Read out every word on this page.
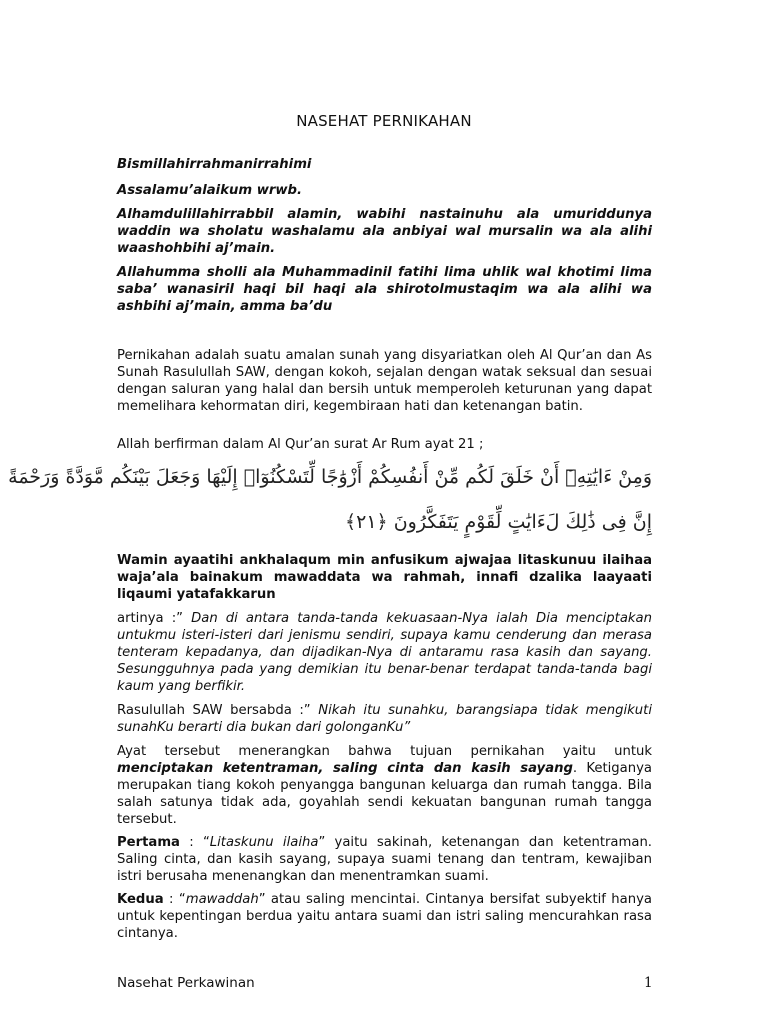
NASEHAT PERNIKAHAN
Bismillahirrahmanirrahimi
Assalamu’alaikum wrwb.
Alhamdulillahirrabbil alamin, wabihi nastainuhu ala umuriddunya waddin wa sholatu washalamu ala anbiyai wal mursalin wa ala alihi waashohbihi aj’main.
Allahumma sholli ala Muhammadinil fatihi lima uhlik wal khotimi lima saba’ wanasiril haqi bil haqi ala shirotolmustaqim wa ala alihi wa ashbihi aj’main, amma ba’du
Pernikahan adalah suatu amalan sunah yang disyariatkan oleh Al Qur’an dan As Sunah Rasulullah SAW, dengan kokoh, sejalan dengan watak seksual dan sesuai dengan saluran yang halal dan bersih untuk memperoleh keturunan yang dapat memelihara kehormatan diri, kegembiraan hati dan ketenangan batin.
Allah berfirman dalam Al Qur’an surat Ar Rum ayat 21 ;
وَمِنْ ءَايَٰتِهِۦٓ أَنْ خَلَقَ لَكُم مِّنْ أَنفُسِكُمْ أَزْوَٰجًا لِّتَسْكُنُوٓا۟ إِلَيْهَا وَجَعَلَ بَيْنَكُم مَّوَدَّةً وَرَحْمَةً
إِنَّ فِى ذَٰلِكَ لَءَايَٰتٍ لِّقَوْمٍ يَتَفَكَّرُونَ ﴿٢١﴾
Wamin ayaatihi ankhalaqum min anfusikum ajwajaa litaskunuu ilaihaa waja’ala bainakum mawaddata wa rahmah, innafi dzalika laayaati liqaumi yatafakkarun
artinya :” Dan di antara tanda-tanda kekuasaan-Nya ialah Dia menciptakan untukmu isteri-isteri dari jenismu sendiri, supaya kamu cenderung dan merasa tenteram kepadanya, dan dijadikan-Nya di antaramu rasa kasih dan sayang. Sesungguhnya pada yang demikian itu benar-benar terdapat tanda-tanda bagi kaum yang berfikir.
Rasulullah SAW bersabda :” Nikah itu sunahku, barangsiapa tidak mengikuti sunahKu berarti dia bukan dari golonganKu”
Ayat tersebut menerangkan bahwa tujuan pernikahan yaitu untuk menciptakan ketentraman, saling cinta dan kasih sayang. Ketiganya merupakan tiang kokoh penyangga bangunan keluarga dan rumah tangga. Bila salah satunya tidak ada, goyahlah sendi kekuatan bangunan rumah tangga tersebut.
Pertama : “Litaskunu ilaiha” yaitu sakinah, ketenangan dan ketentraman. Saling cinta, dan kasih sayang, supaya suami tenang dan tentram, kewajiban istri berusaha menenangkan dan menentramkan suami.
Kedua : “mawaddah” atau saling mencintai. Cintanya bersifat subyektif hanya untuk kepentingan berdua yaitu antara suami dan istri saling mencurahkan rasa cintanya.
Nasehat Perkawinan	1
